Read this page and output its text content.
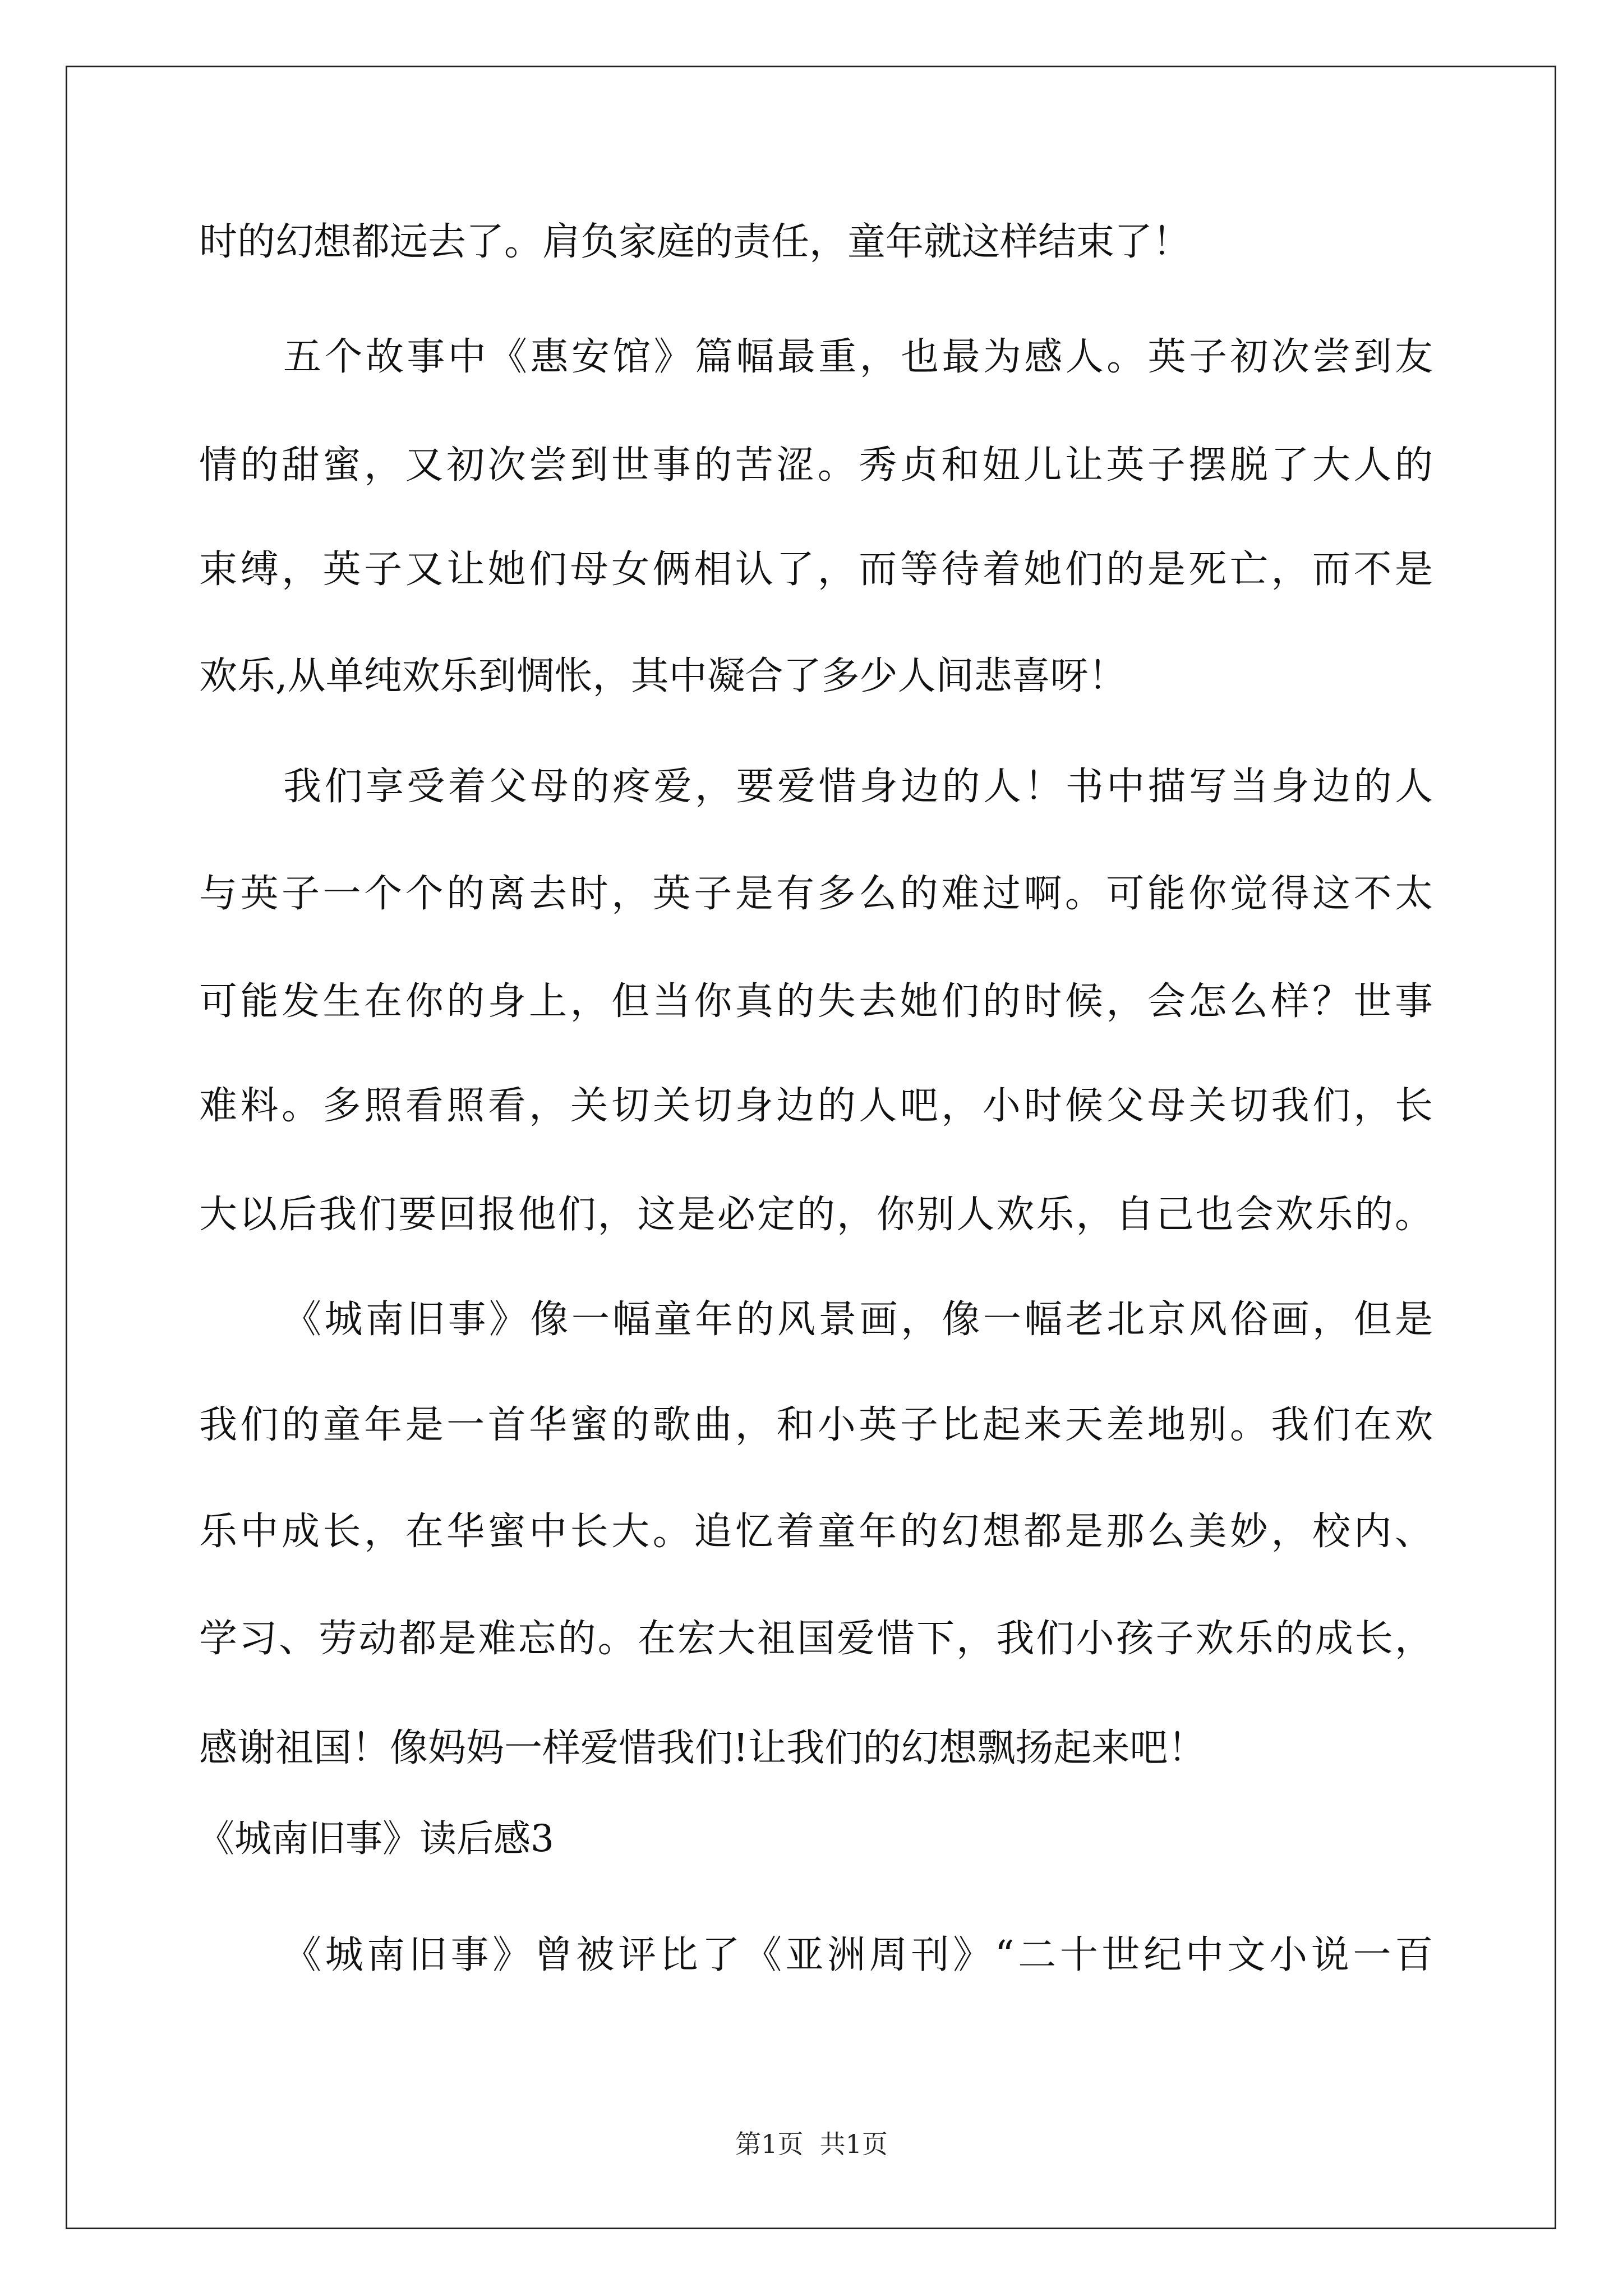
时的幻想都远去了。肩负家庭的责任，童年就这样结束了！
五个故事中《惠安馆》篇幅最重，也最为感人。英子初次尝到友
情的甜蜜，又初次尝到世事的苦涩。秀贞和妞儿让英子摆脱了大人的
束缚，英子又让她们母女俩相认了，而等待着她们的是死亡，而不是
欢乐,从单纯欢乐到惆怅，其中凝合了多少人间悲喜呀！
我们享受着父母的疼爱，要爱惜身边的人！书中描写当身边的人
与英子一个个的离去时，英子是有多么的难过啊。可能你觉得这不太
可能发生在你的身上，但当你真的失去她们的时候，会怎么样？世事
难料。多照看照看，关切关切身边的人吧，小时候父母关切我们，长
大以后我们要回报他们，这是必定的，你别人欢乐，自己也会欢乐的。
《城南旧事》像一幅童年的风景画，像一幅老北京风俗画，但是
我们的童年是一首华蜜的歌曲，和小英子比起来天差地别。我们在欢
乐中成长，在华蜜中长大。追忆着童年的幻想都是那么美妙，校内、
学习、劳动都是难忘的。在宏大祖国爱惜下，我们小孩子欢乐的成长，
感谢祖国！像妈妈一样爱惜我们!让我们的幻想飘扬起来吧！
《城南旧事》读后感3
《城南旧事》曾被评比了《亚洲周刊》“二十世纪中文小说一百
第1页  共1页
